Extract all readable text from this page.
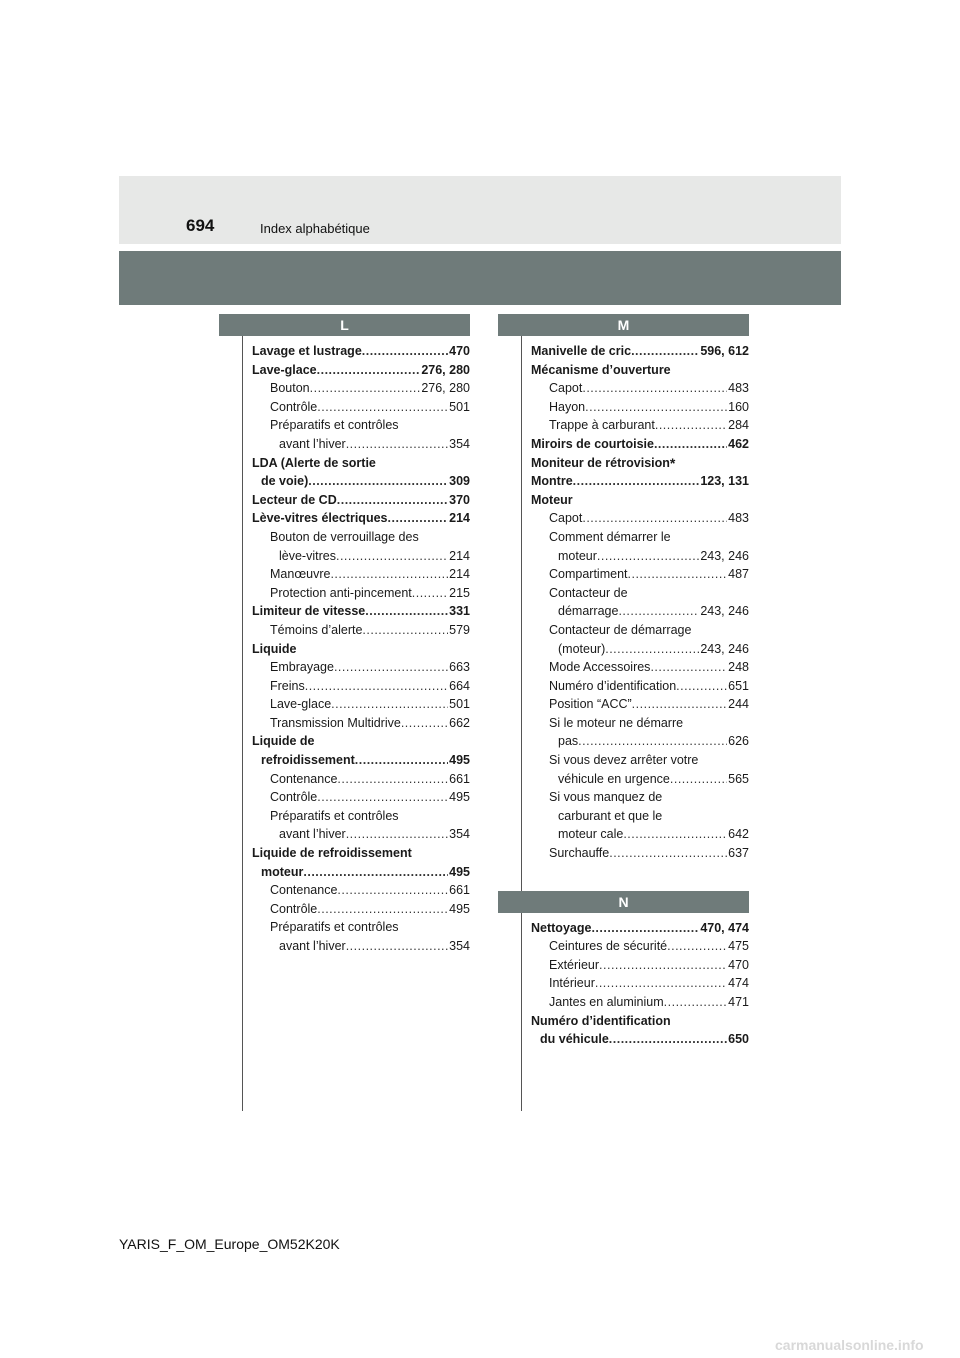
694	Index alphabétique
L
Lavage et lustrage .....	470
Lave-glace .....	276, 280
Bouton .....	276, 280
Contrôle .....	501
Préparatifs et contrôles
avant l’hiver .....	354
LDA (Alerte de sortie
de voie) .....	309
Lecteur de CD .....	370
Lève-vitres électriques .....	214
Bouton de verrouillage des
lève-vitres .....	214
Manœuvre .....	214
Protection anti-pincement .....	215
Limiteur de vitesse .....	331
Témoins d’alerte .....	579
Liquide
Embrayage .....	663
Freins .....	664
Lave-glace .....	501
Transmission Multidrive .....	662
Liquide de
refroidissement .....	495
Contenance .....	661
Contrôle .....	495
Préparatifs et contrôles
avant l’hiver .....	354
Liquide de refroidissement
moteur .....	495
Contenance .....	661
Contrôle .....	495
Préparatifs et contrôles
avant l’hiver .....	354
M
Manivelle de cric .....	596, 612
Mécanisme d’ouverture
Capot .....	483
Hayon .....	160
Trappe à carburant .....	284
Miroirs de courtoisie .....	462
Moniteur de rétrovision *
Montre .....	123, 131
Moteur
Capot .....	483
Comment démarrer le
moteur .....	243, 246
Compartiment .....	487
Contacteur de
démarrage .....	243, 246
Contacteur de démarrage
(moteur) .....	243, 246
Mode Accessoires .....	248
Numéro d’identification .....	651
Position “ACC” .....	244
Si le moteur ne démarre
pas .....	626
Si vous devez arrêter votre
véhicule en urgence .....	565
Si vous manquez de
carburant et que le
moteur cale .....	642
Surchauffe .....	637
N
Nettoyage .....	470, 474
Ceintures de sécurité .....	475
Extérieur .....	470
Intérieur .....	474
Jantes en aluminium .....	471
Numéro d’identification
du véhicule .....	650
YARIS_F_OM_Europe_OM52K20K
carmanualsonline.info
